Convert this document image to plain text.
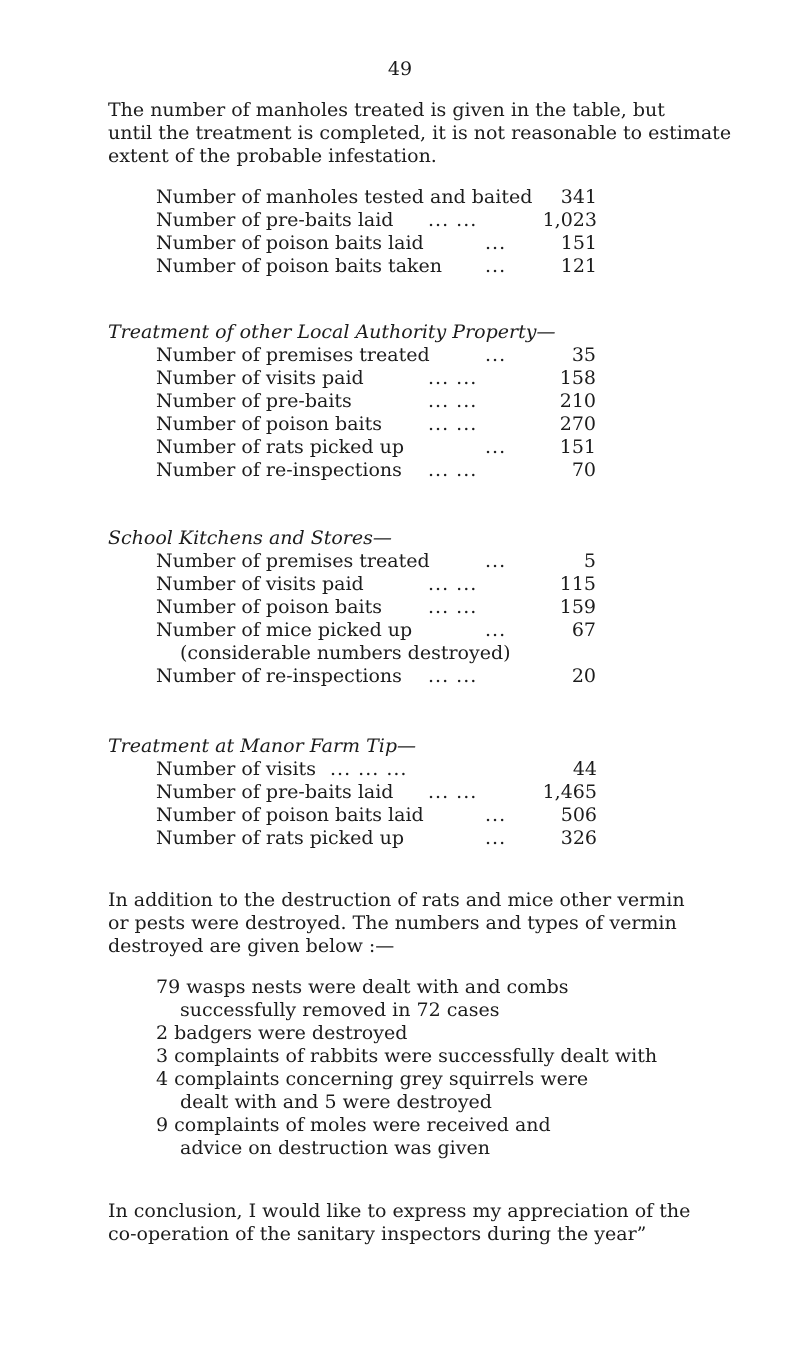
49
The number of manholes treated is given in the table, but
until the treatment is completed, it is not reasonable to estimate
extent of the probable infestation.
Number of manholes tested and baited 341
Number of pre-baits laid ... ...	1,023
Number of poison baits laid	...	151
Number of poison baits taken ...	121
Treatment of other Local Authority Property—
Number of premises treated	...	35
Number of visits paid	... ...	158
Number of pre-baits	... ...	210
Number of poison baits ... ...	270
Number of rats picked up	...	151
Number of re-inspections ... ...	70
School Kitchens and Stores—
Number of premises treated	...	5
Number of visits paid	... ...	115
Number of poison baits ... ...	159
Number of mice picked up	...	67
(considerable numbers destroyed)
Number of re-inspections ... ...	20
Treatment at Manor Farm Tip—
Number of visits ... ... ...	44
Number of pre-baits laid ... ...	1,465
Number of poison baits laid	...	506
Number of rats picked up	...	326
In addition to the destruction of rats and mice other vermin
or pests were destroyed. The numbers and types of vermin
destroyed are given below :—
79 wasps nests were dealt with and combs
successfully removed in 72 cases
2 badgers were destroyed
3 complaints of rabbits were successfully dealt with
4 complaints concerning grey squirrels were
dealt with and 5 were destroyed
9 complaints of moles were received and
advice on destruction was given
In conclusion, I would like to express my appreciation of the
co-operation of the sanitary inspectors during the year”
